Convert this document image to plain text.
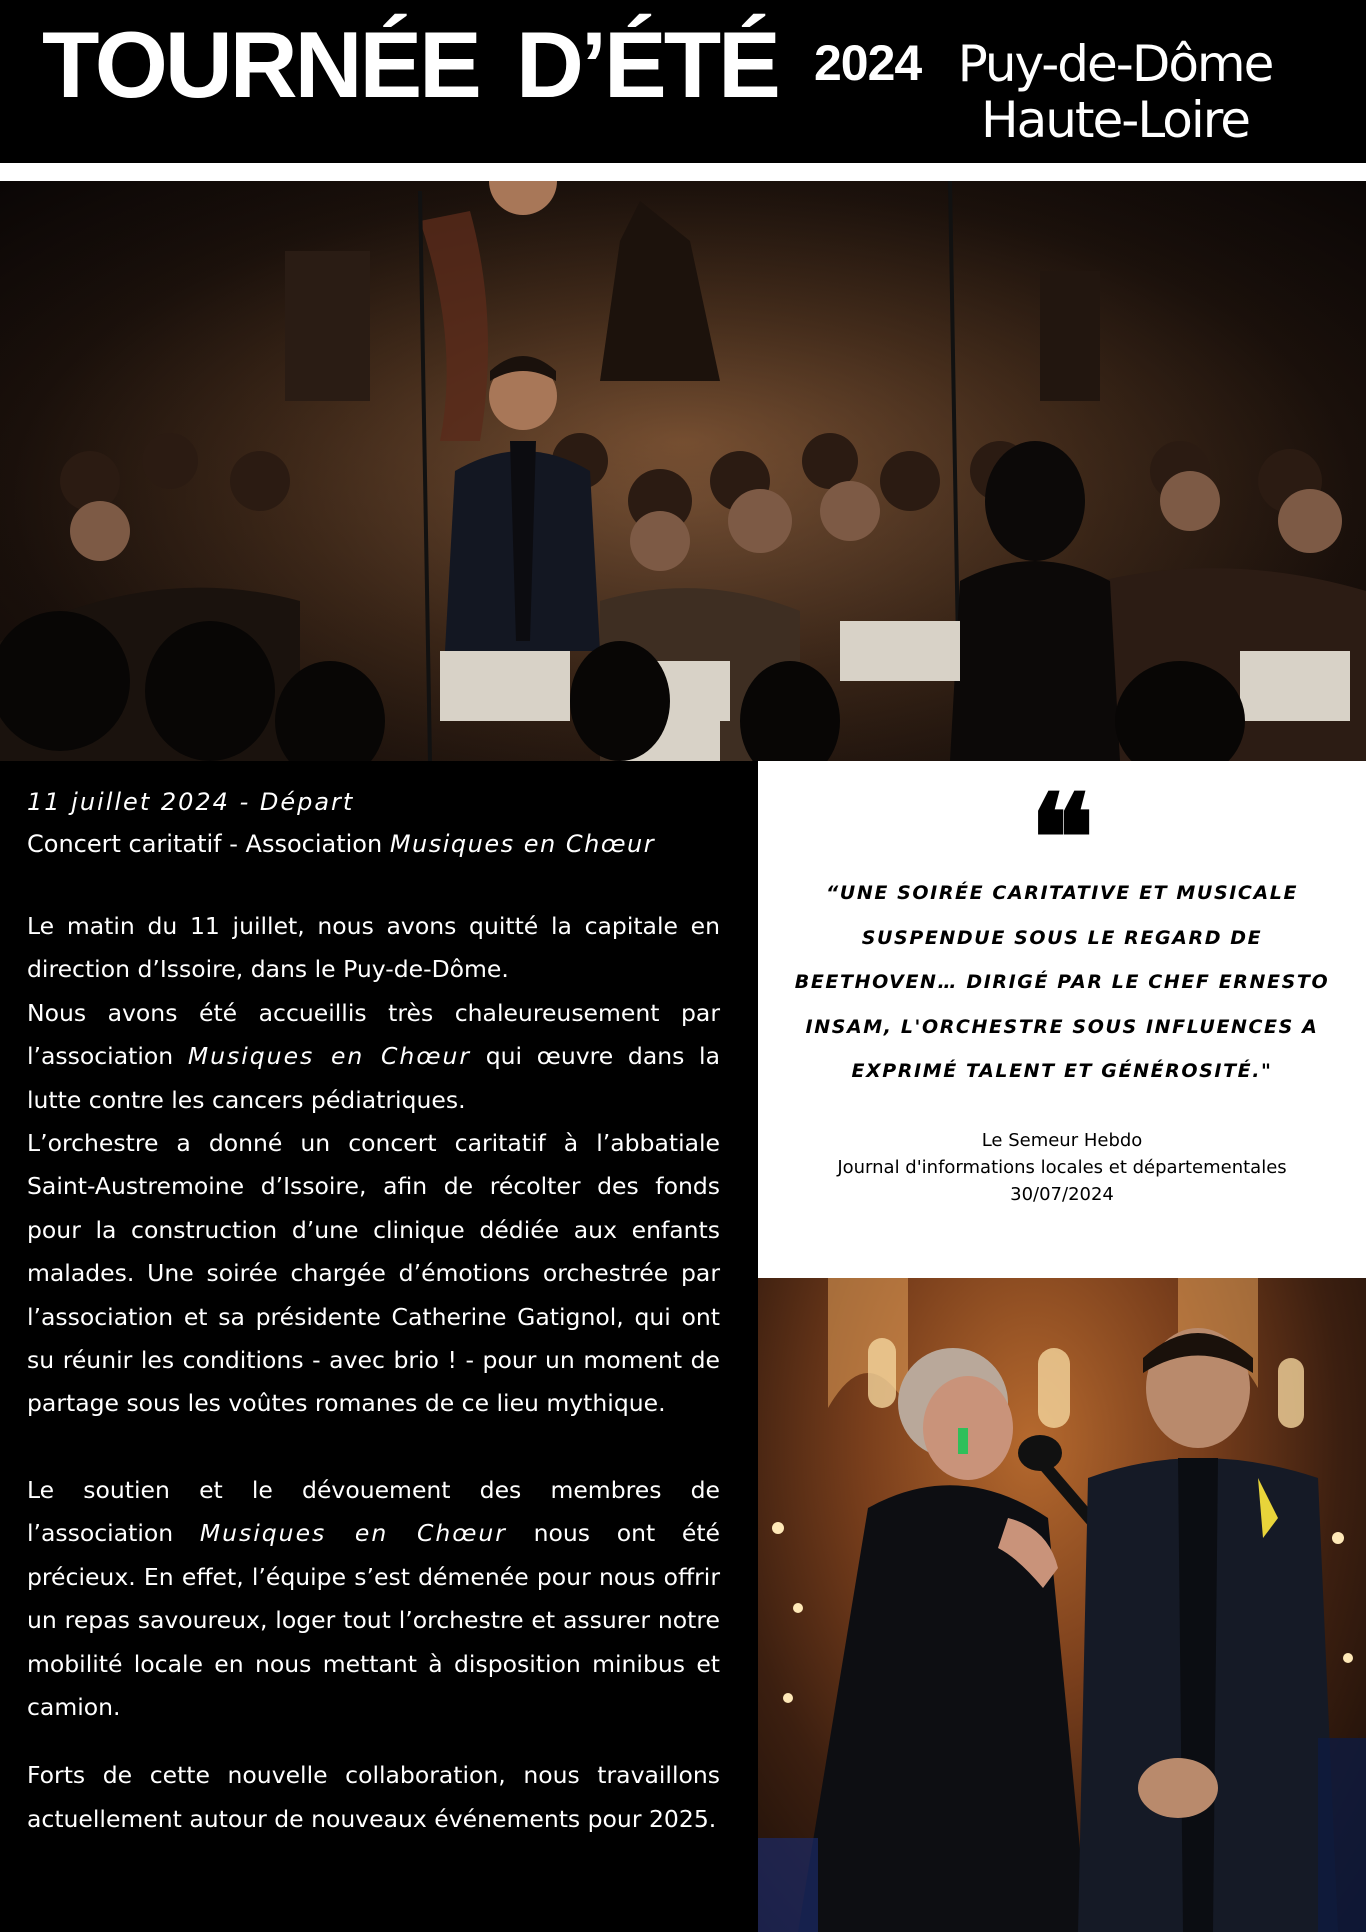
TOURNÉE D’ÉTÉ 2024 Puy-de-Dôme
Haute-Loire

11 juillet 2024 - Départ

Concert caritatif - Association Musiques en Chœur

Le matin du 11 juillet, nous avons quitté la capitale en direction d’Issoire, dans le Puy-de-Dôme.

Nous avons été accueillis très chaleureusement par l’association Musiques en Chœur qui œuvre dans la lutte contre les cancers pédiatriques.

L’orchestre a donné un concert caritatif à l’abbatiale Saint-Austremoine d’Issoire, afin de récolter des fonds pour la construction d’une clinique dédiée aux enfants malades. Une soirée chargée d’émotions orchestrée par l’association et sa présidente Catherine Gatignol, qui ont su réunir les conditions - avec brio ! - pour un moment de partage sous les voûtes romanes de ce lieu mythique.

Le soutien et le dévouement des membres de l’association Musiques en Chœur nous ont été précieux. En effet, l’équipe s’est démenée pour nous offrir un repas savoureux, loger tout l’orchestre et assurer notre mobilité locale en nous mettant à disposition minibus et camion.

Forts de cette nouvelle collaboration, nous travaillons actuellement autour de nouveaux événements pour 2025.

❝
“UNE SOIRÉE CARITATIVE ET MUSICALE SUSPENDUE SOUS LE REGARD DE BEETHOVEN… DIRIGÉ PAR LE CHEF ERNESTO INSAM, L'ORCHESTRE SOUS INFLUENCES A EXPRIMÉ TALENT ET GÉNÉROSITÉ."
Le Semeur Hebdo
Journal d'informations locales et départementales
30/07/2024
